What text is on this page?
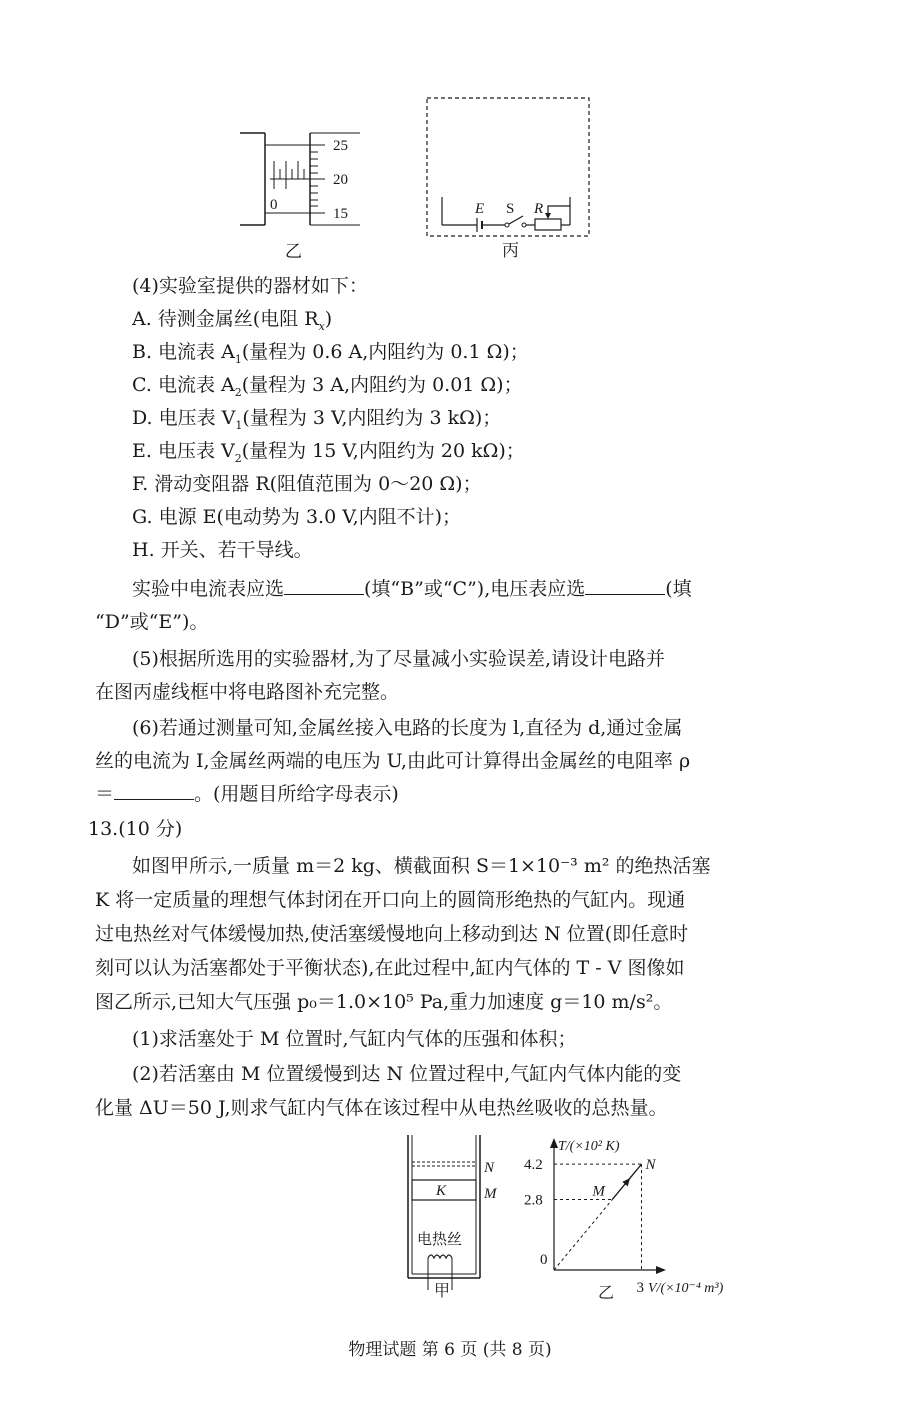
25
20
15
0
乙
E S R
丙
(4)实验室提供的器材如下：
A. 待测金属丝(电阻 $R_x$)
B. 电流表 $A_1$(量程为 0.6 A,内阻约为 0.1 Ω)；
C. 电流表 $A_2$(量程为 3 A,内阻约为 0.01 Ω)；
D. 电压表 $V_1$(量程为 3 V,内阻约为 3 kΩ)；
E. 电压表 $V_2$(量程为 15 V,内阻约为 20 kΩ)；
F. 滑动变阻器 R(阻值范围为 0～20 Ω)；
G. 电源 E(电动势为 3.0 V,内阻不计)；
H. 开关、若干导线。
实验中电流表应选	(填“B”或“C”),电压表应选	(填
“D”或“E”)。
(5)根据所选用的实验器材,为了尽量减小实验误差,请设计电路并
在图丙虚线框中将电路图补充完整。
(6)若通过测量可知,金属丝接入电路的长度为 l,直径为 d,通过金属
丝的电流为 I,金属丝两端的电压为 U,由此可计算得出金属丝的电阻率 ρ
＝	。(用题目所给字母表示)
13.(10 分)
如图甲所示,一质量 m＝2 kg、横截面积 S＝1×10⁻³ m² 的绝热活塞
K 将一定质量的理想气体封闭在开口向上的圆筒形绝热的气缸内。现通
过电热丝对气体缓慢加热,使活塞缓慢地向上移动到达 N 位置(即任意时
刻可以认为活塞都处于平衡状态),在此过程中,缸内气体的 T - V 图像如
图乙所示,已知大气压强 p₀＝1.0×10⁵ Pa,重力加速度 g＝10 m/s²。
(1)求活塞处于 M 位置时,气缸内气体的压强和体积；
(2)若活塞由 M 位置缓慢到达 N 位置过程中,气缸内气体内能的变
化量 ΔU＝50 J,则求气缸内气体在该过程中从电热丝吸收的总热量。
K
N
M
电热丝
甲
T/(×10² K)
V/(×10⁻⁴ m³)
0
4.2
2.8
3
M
N
乙
物理试题 第 6 页 (共 8 页)
